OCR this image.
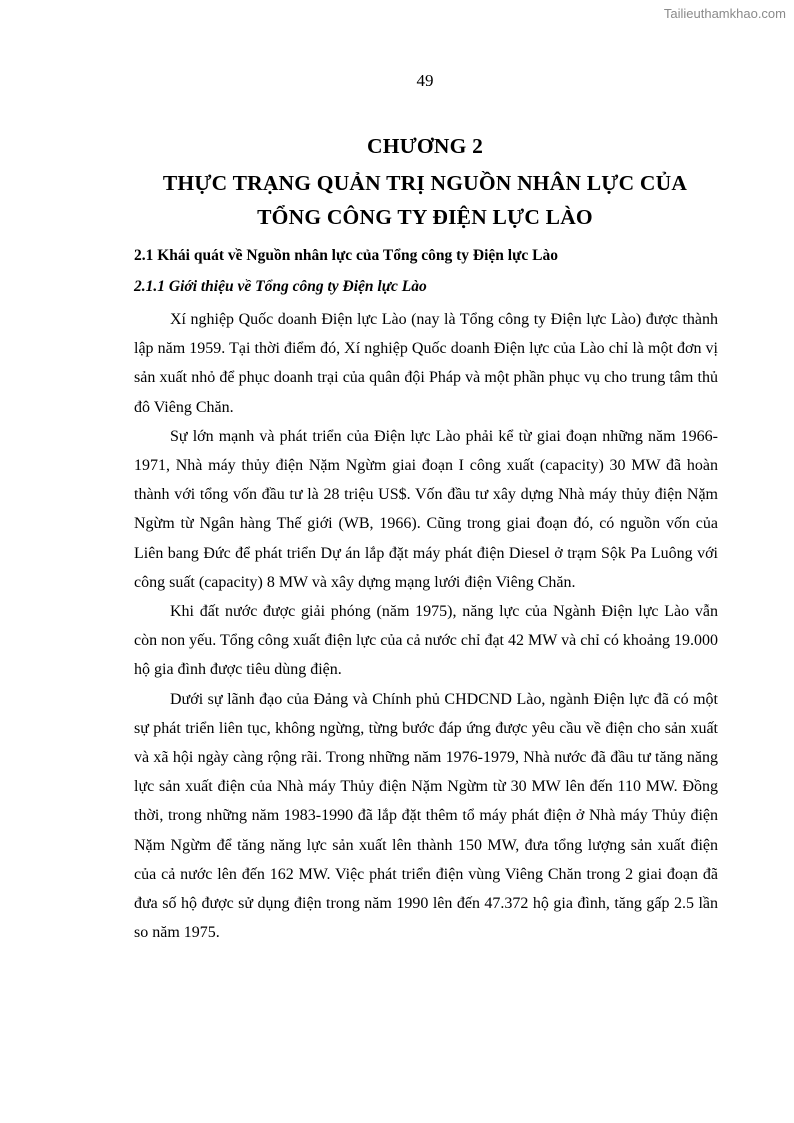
Tailieuthamkhao.com
49
CHƯƠNG 2
THỰC TRẠNG QUẢN TRỊ NGUỒN NHÂN LỰC CỦA
TỔNG CÔNG TY ĐIỆN LỰC LÀO
2.1 Khái quát về Nguồn nhân lực của Tổng công ty Điện lực Lào
2.1.1 Giới thiệu về Tổng công ty Điện lực Lào

Xí nghiệp Quốc doanh Điện lực Lào (nay là Tổng công ty Điện lực Lào) được thành lập năm 1959. Tại thời điểm đó, Xí nghiệp Quốc doanh Điện lực của Lào chỉ là một đơn vị sản xuất nhỏ để phục doanh trại của quân đội Pháp và một phần phục vụ cho trung tâm thủ đô Viêng Chăn.

Sự lớn mạnh và phát triển của Điện lực Lào phải kể từ giai đoạn những năm 1966-1971, Nhà máy thủy điện Nặm Ngừm giai đoạn I công xuất (capacity) 30 MW đã hoàn thành với tổng vốn đầu tư là 28 triệu US$. Vốn đầu tư xây dựng Nhà máy thủy điện Nặm Ngừm từ Ngân hàng Thế giới (WB, 1966). Cũng trong giai đoạn đó, có nguồn vốn của Liên bang Đức để phát triển Dự án lắp đặt máy phát điện Diesel ở trạm Sộk Pa Luông với công suất (capacity) 8 MW và xây dựng mạng lưới điện Viêng Chăn.

Khi đất nước được giải phóng (năm 1975), năng lực của Ngành Điện lực Lào vẫn còn non yếu. Tổng công xuất điện lực của cả nước chỉ đạt 42 MW và chỉ có khoảng 19.000 hộ gia đình được tiêu dùng điện.

Dưới sự lãnh đạo của Đảng và Chính phủ CHDCND Lào, ngành Điện lực đã có một sự phát triển liên tục, không ngừng, từng bước đáp ứng được yêu cầu về điện cho sản xuất và xã hội ngày càng rộng rãi. Trong những năm 1976-1979, Nhà nước đã đầu tư tăng năng lực sản xuất điện của Nhà máy Thủy điện Nặm Ngừm từ 30 MW lên đến 110 MW. Đồng thời, trong những năm 1983-1990 đã lắp đặt thêm tổ máy phát điện ở Nhà máy Thủy điện Nặm Ngừm để tăng năng lực sản xuất lên thành 150 MW, đưa tổng lượng sản xuất điện của cả nước lên đến 162 MW. Việc phát triển điện vùng Viêng Chăn trong 2 giai đoạn đã đưa số hộ được sử dụng điện trong năm 1990 lên đến 47.372 hộ gia đình, tăng gấp 2.5 lần so năm 1975.
